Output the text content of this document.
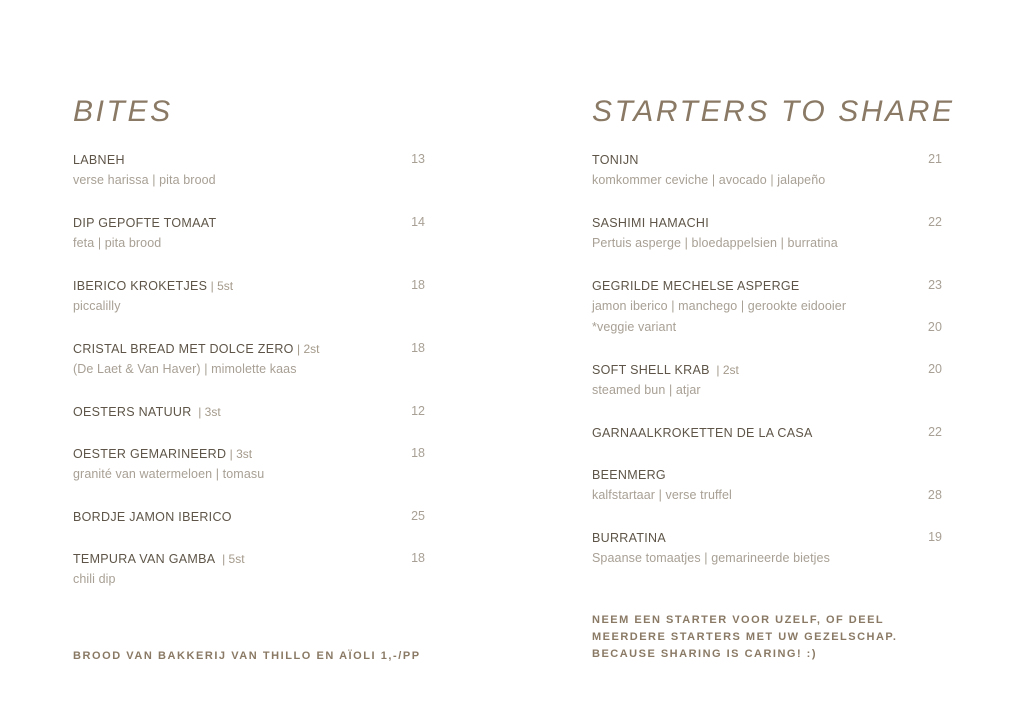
BITES
LABNEH	13
verse harissa | pita brood
DIP GEPOFTE TOMAAT	14
feta | pita brood
IBERICO KROKETJES | 5st	18
piccalilly
CRISTAL BREAD MET DOLCE ZERO | 2st	18
(De Laet & Van Haver) | mimolette kaas
OESTERS NATUUR  | 3st	12
OESTER GEMARINEERD | 3st	18
granité van watermeloen | tomasu
BORDJE JAMON IBERICO	25
TEMPURA VAN GAMBA  | 5st	18
chili dip
BROOD VAN BAKKERIJ VAN THILLO EN AÏOLI 1,-/PP
STARTERS TO SHARE
TONIJN	21
komkommer ceviche | avocado | jalapeño
SASHIMI HAMACHI	22
Pertuis asperge | bloedappelsien | burratina
GEGRILDE MECHELSE ASPERGE	23
jamon iberico | manchego | gerookte eidooier
*veggie variant	20
SOFT SHELL KRAB  | 2st	20
steamed bun | atjar
GARNAALKROKETTEN DE LA CASA	22
BEENMERG
kalfstartaar | verse truffel	28
BURRATINA	19
Spaanse tomaatjes | gemarineerde bietjes
NEEM EEN STARTER VOOR UZELF, OF DEEL
MEERDERE STARTERS MET UW GEZELSCHAP.
BECAUSE SHARING IS CARING! :)
